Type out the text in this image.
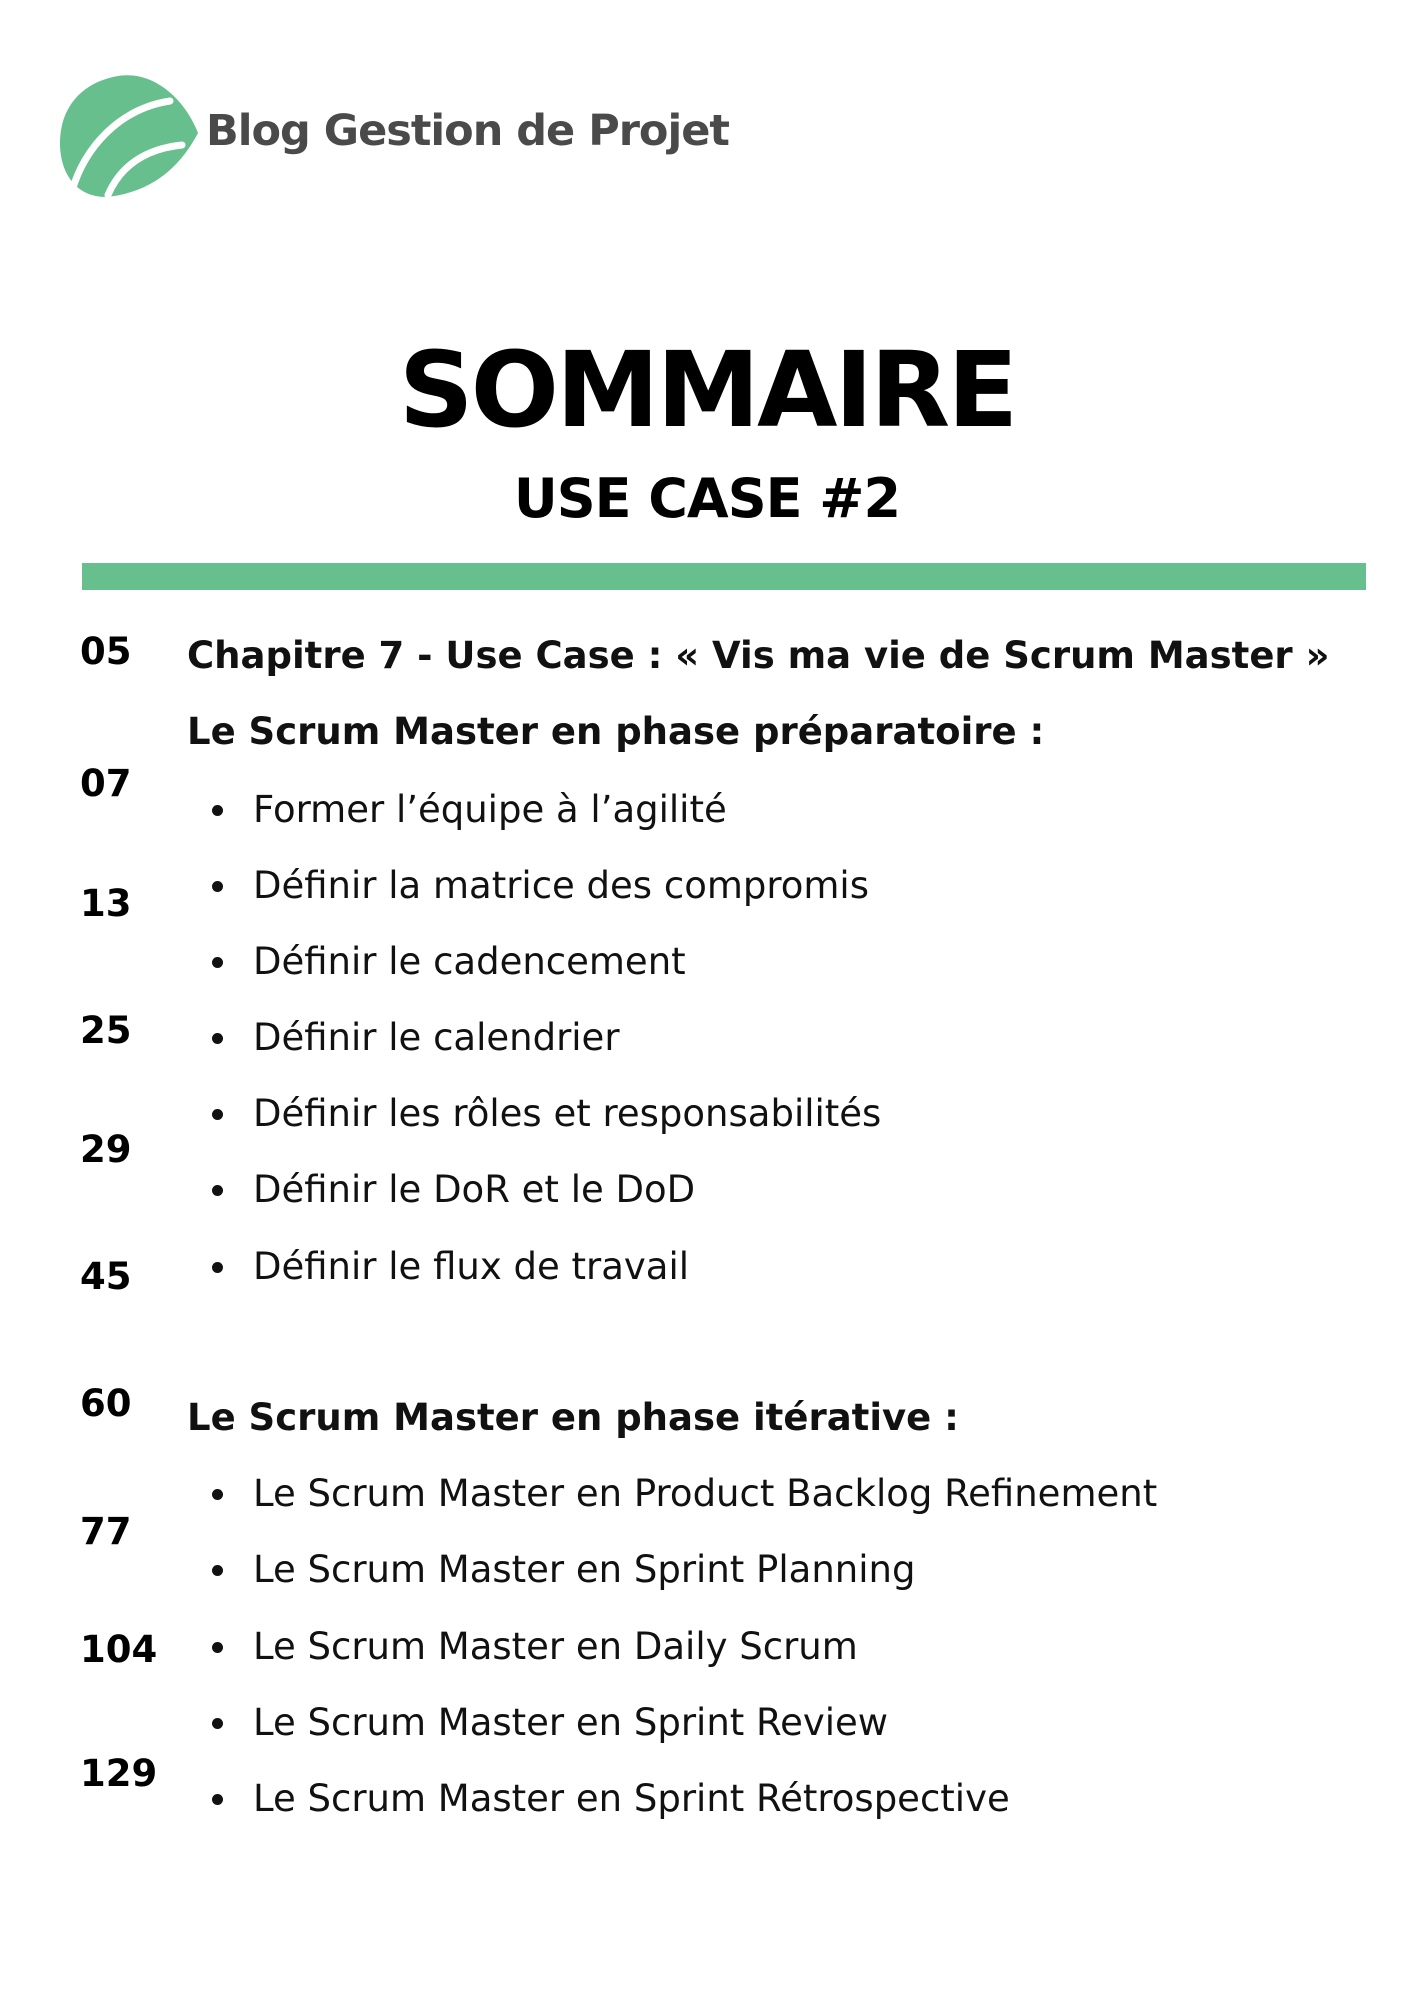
Blog Gestion de Projet
SOMMAIRE
USE CASE #2
05
07
13
25
29
45
60
77
104
129
Chapitre 7 - Use Case : « Vis ma vie de Scrum Master »
Le Scrum Master en phase préparatoire :
Former l’équipe à l’agilité
Définir la matrice des compromis
Définir le cadencement
Définir le calendrier
Définir les rôles et responsabilités
Définir le DoR et le DoD
Définir le flux de travail
Le Scrum Master en phase itérative :
Le Scrum Master en Product Backlog Refinement
Le Scrum Master en Sprint Planning
Le Scrum Master en Daily Scrum
Le Scrum Master en Sprint Review
Le Scrum Master en Sprint Rétrospective
